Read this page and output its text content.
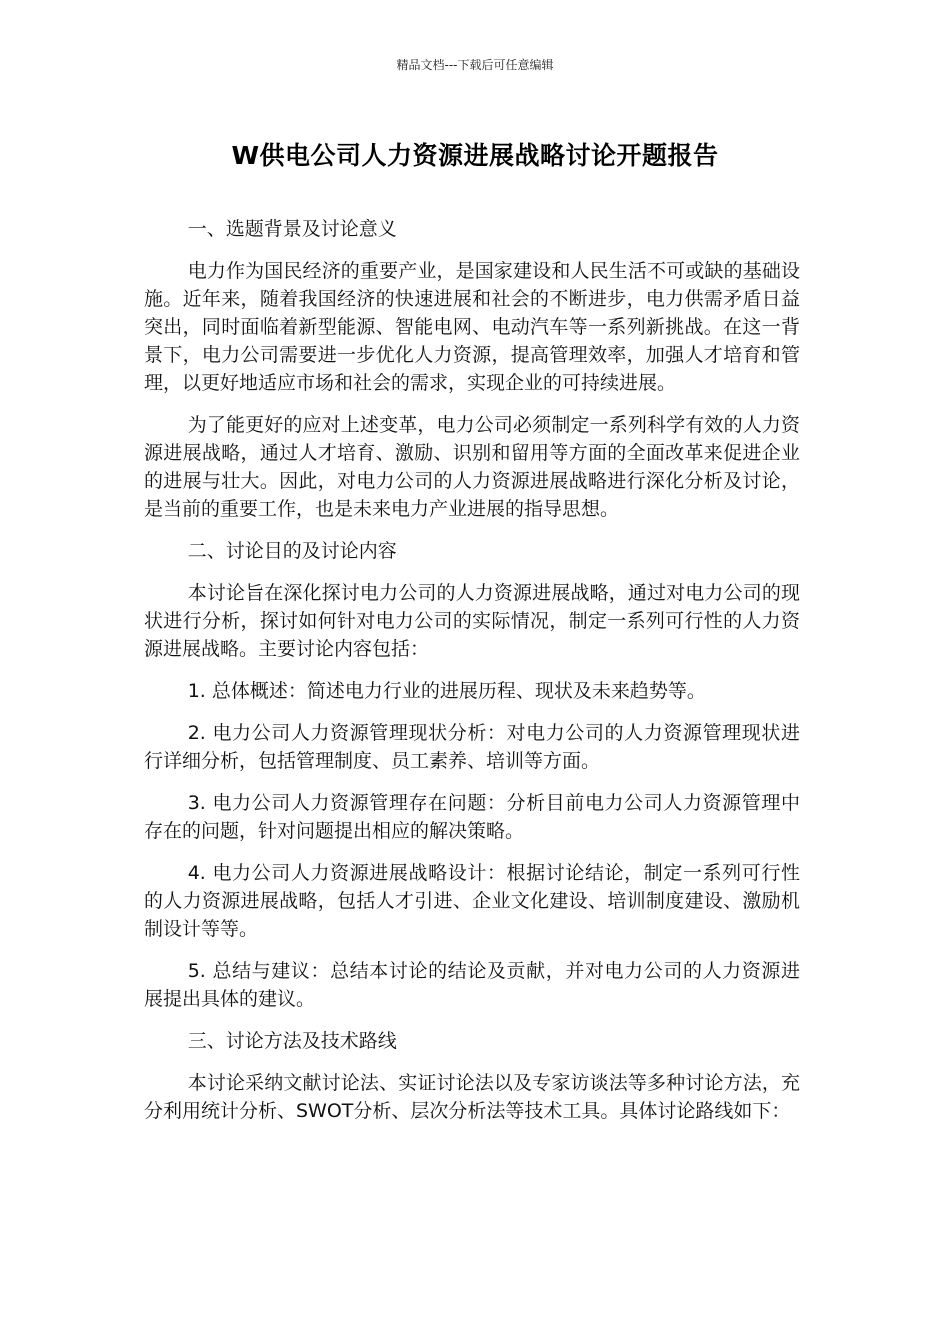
精品文档---下载后可任意编辑
W供电公司人力资源进展战略讨论开题报告

一、选题背景及讨论意义

电力作为国民经济的重要产业，是国家建设和人民生活不可或缺的基础设施。近年来，随着我国经济的快速进展和社会的不断进步，电力供需矛盾日益突出，同时面临着新型能源、智能电网、电动汽车等一系列新挑战。在这一背景下，电力公司需要进一步优化人力资源，提高管理效率，加强人才培育和管理，以更好地适应市场和社会的需求，实现企业的可持续进展。

为了能更好的应对上述变革，电力公司必须制定一系列科学有效的人力资源进展战略，通过人才培育、激励、识别和留用等方面的全面改革来促进企业的进展与壮大。因此，对电力公司的人力资源进展战略进行深化分析及讨论，是当前的重要工作，也是未来电力产业进展的指导思想。

二、讨论目的及讨论内容

本讨论旨在深化探讨电力公司的人力资源进展战略，通过对电力公司的现状进行分析，探讨如何针对电力公司的实际情况，制定一系列可行性的人力资源进展战略。主要讨论内容包括：

1. 总体概述：简述电力行业的进展历程、现状及未来趋势等。

2. 电力公司人力资源管理现状分析：对电力公司的人力资源管理现状进行详细分析，包括管理制度、员工素养、培训等方面。

3. 电力公司人力资源管理存在问题：分析目前电力公司人力资源管理中存在的问题，针对问题提出相应的解决策略。

4. 电力公司人力资源进展战略设计：根据讨论结论，制定一系列可行性的人力资源进展战略，包括人才引进、企业文化建设、培训制度建设、激励机制设计等等。

5. 总结与建议：总结本讨论的结论及贡献，并对电力公司的人力资源进展提出具体的建议。

三、讨论方法及技术路线

本讨论采纳文献讨论法、实证讨论法以及专家访谈法等多种讨论方法，充分利用统计分析、SWOT分析、层次分析法等技术工具。具体讨论路线如下：
